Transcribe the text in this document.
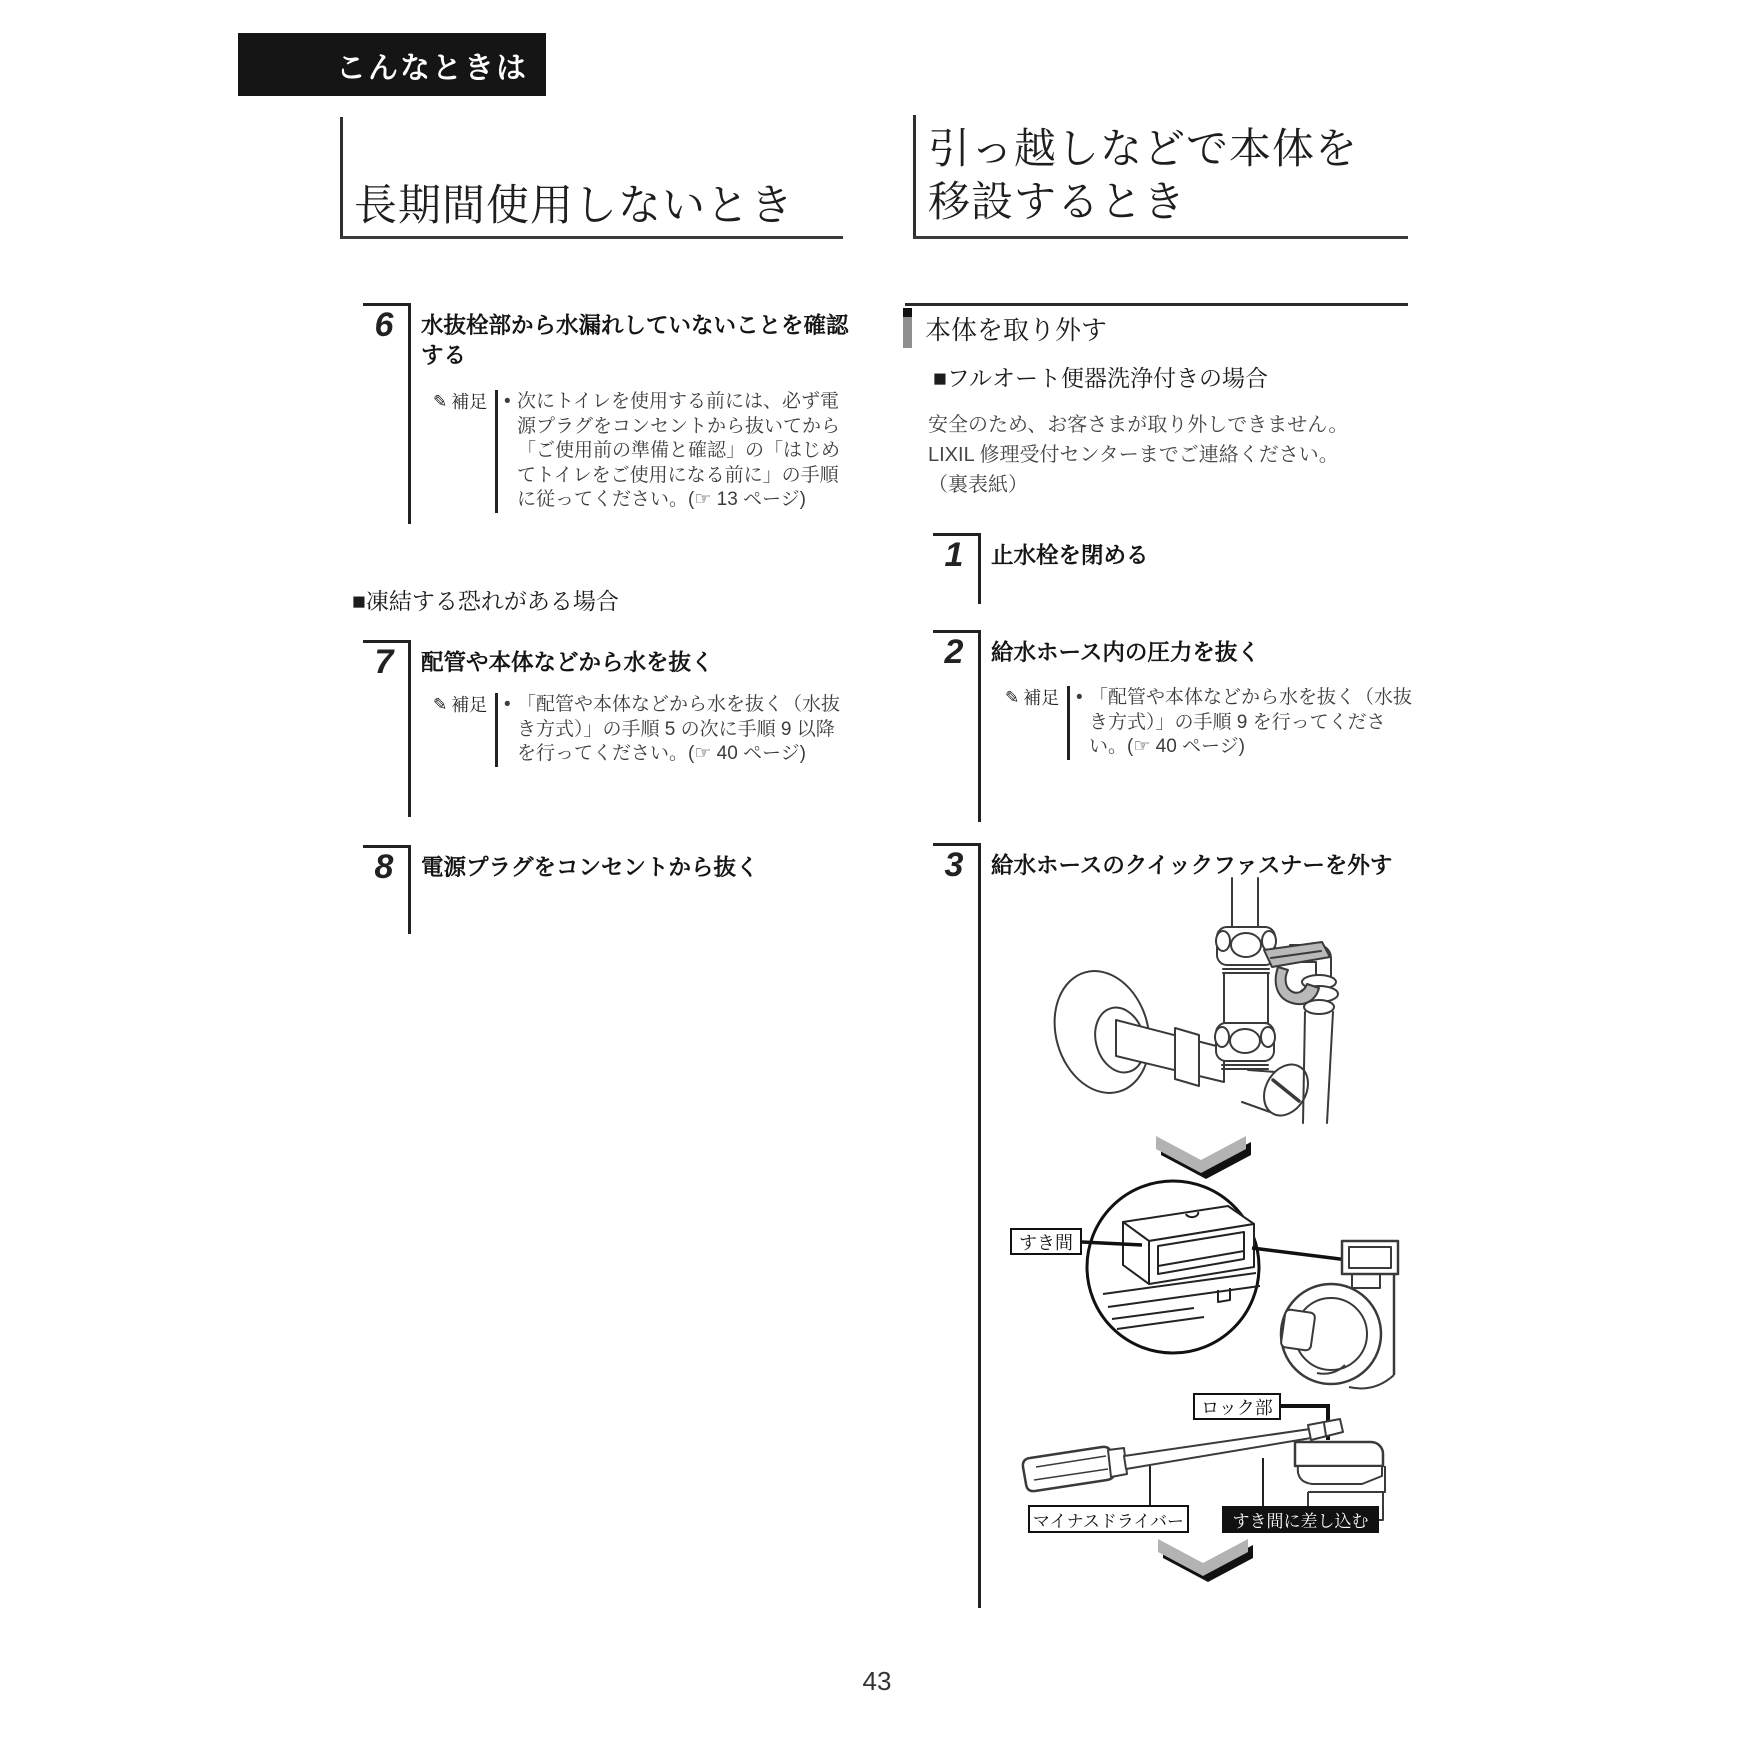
こんなときは
長期間使用しないとき
引っ越しなどで本体を
移設するとき
6	水抜栓部から水漏れしていないことを確認する
✎ 補足 • 次にトイレを使用する前には、必ず電源プラグをコンセントから抜いてから「ご使用前の準備と確認」の「はじめてトイレをご使用になる前に」の手順に従ってください。(☞ 13 ページ)
■凍結する恐れがある場合
7	配管や本体などから水を抜く
✎ 補足 • 「配管や本体などから水を抜く（水抜き方式）」の手順 5 の次に手順 9 以降を行ってください。(☞ 40 ページ)
8	電源プラグをコンセントから抜く
本体を取り外す
■フルオート便器洗浄付きの場合
安全のため、お客さまが取り外しできません。
LIXIL 修理受付センターまでご連絡ください。
（裏表紙）
1	止水栓を閉める
2	給水ホース内の圧力を抜く
✎ 補足 • 「配管や本体などから水を抜く（水抜き方式）」の手順 9 を行ってください。(☞ 40 ページ)
3	給水ホースのクイックファスナーを外す
すき間
ロック部
マイナスドライバー	すき間に差し込む
43
